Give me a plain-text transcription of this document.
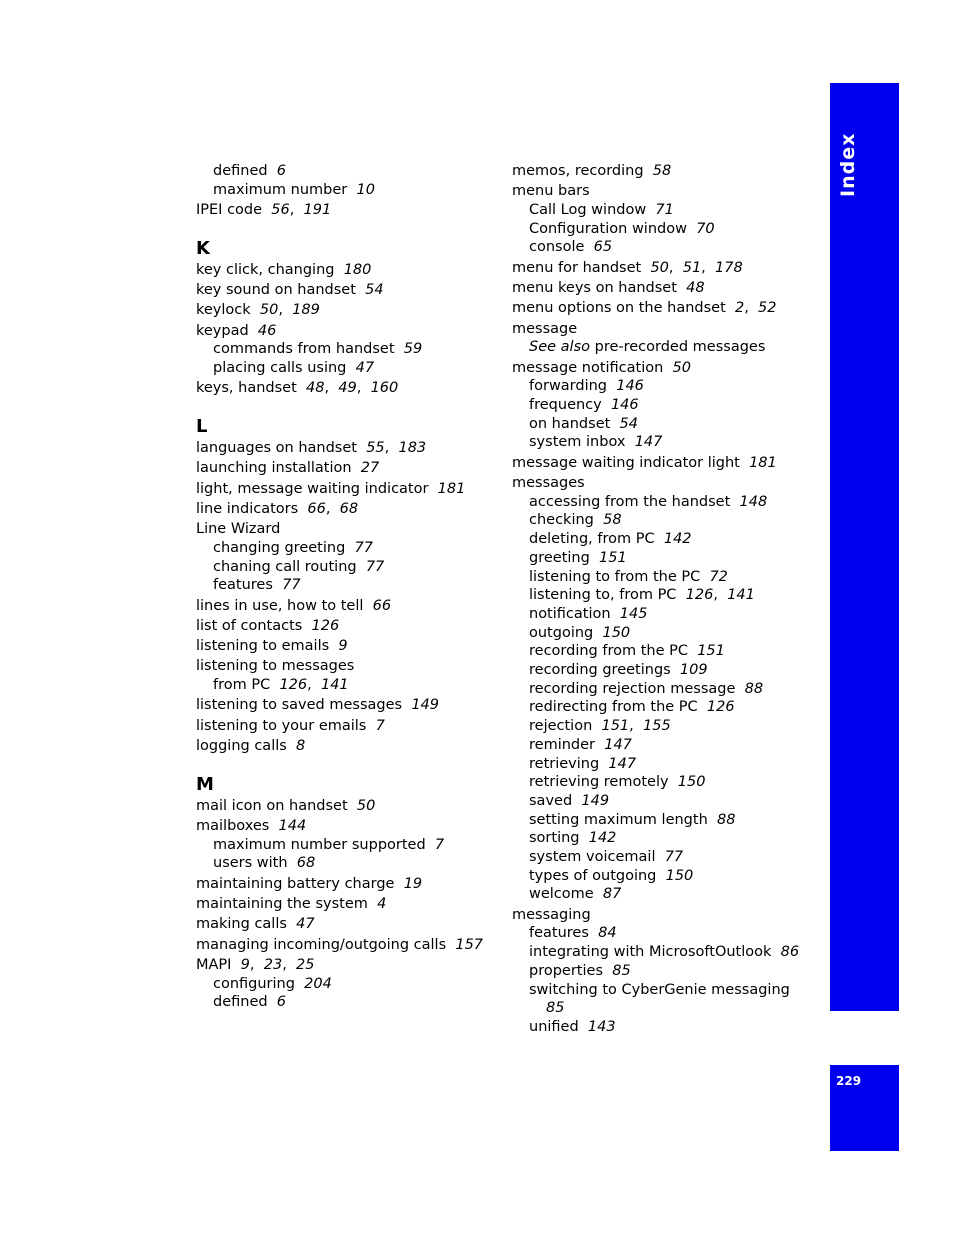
Index
229
defined 6
maximum number 10
IPEI code 56,  191
K
key click, changing 180
key sound on handset 54
keylock 50,  189
keypad 46
commands from handset 59
placing calls using 47
keys, handset 48,  49,  160
L
languages on handset 55,  183
launching installation 27
light, message waiting indicator 181
line indicators 66,  68
Line Wizard
changing greeting 77
chaning call routing 77
features 77
lines in use, how to tell 66
list of contacts 126
listening to emails 9
listening to messages
from PC 126,  141
listening to saved messages 149
listening to your emails 7
logging calls 8
M
mail icon on handset 50
mailboxes 144
maximum number supported 7
users with 68
maintaining battery charge 19
maintaining the system 4
making calls 47
managing incoming/outgoing calls 157
MAPI 9,  23,  25
configuring 204
defined 6
memos, recording 58
menu bars
Call Log window 71
Configuration window 70
console 65
menu for handset 50,  51,  178
menu keys on handset 48
menu options on the handset 2,  52
message
See also pre-recorded messages
message notification 50
forwarding 146
frequency 146
on handset 54
system inbox 147
message waiting indicator light 181
messages
accessing from the handset 148
checking 58
deleting, from PC 142
greeting 151
listening to from the PC 72
listening to, from PC 126,  141
notification 145
outgoing 150
recording from the PC 151
recording greetings 109
recording rejection message 88
redirecting from the PC 126
rejection 151,  155
reminder 147
retrieving 147
retrieving remotely 150
saved 149
setting maximum length 88
sorting 142
system voicemail 77
types of outgoing 150
welcome 87
messaging
features 84
integrating with MicrosoftOutlook 86
properties 85
switching to CyberGenie messaging
85
unified 143
